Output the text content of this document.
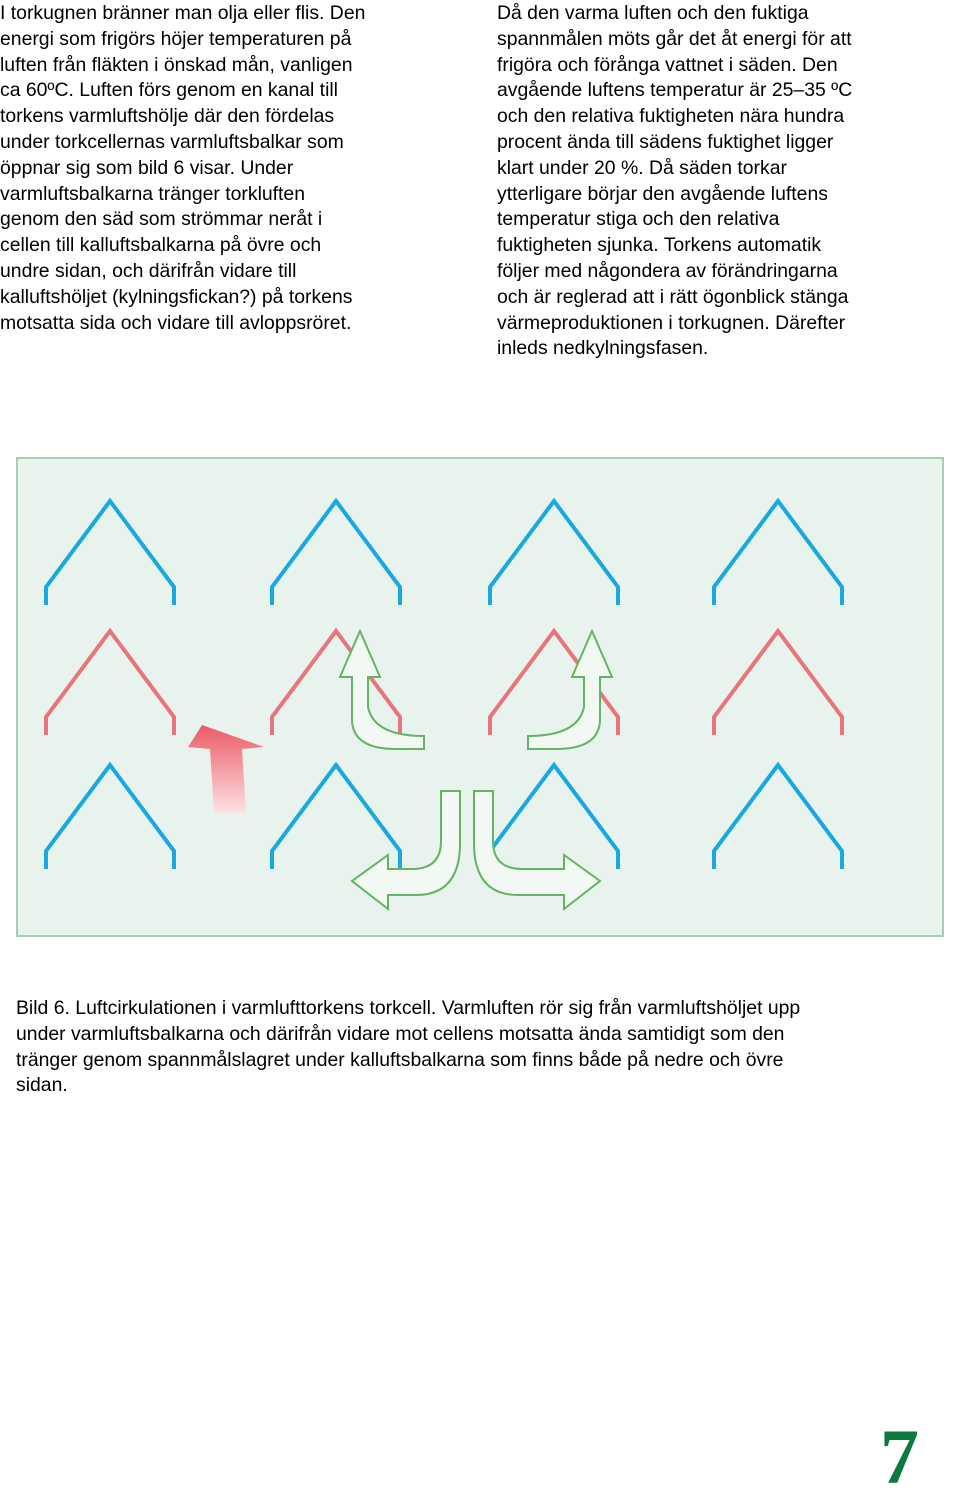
I torkugnen bränner man olja eller flis. Den
energi som frigörs höjer temperaturen på
luften från fläkten i önskad mån, vanligen
ca 60ºC. Luften förs genom en kanal till
torkens varmluftshölje där den fördelas
under torkcellernas varmluftsbalkar som
öppnar sig som bild 6 visar. Under
varmluftsbalkarna tränger torkluften
genom den säd som strömmar neråt i
cellen till kalluftsbalkarna på övre och
undre sidan, och därifrån vidare till
kalluftshöljet (kylningsfickan?) på torkens
motsatta sida och vidare till avloppsröret.
Då den varma luften och den fuktiga
spannmålen möts går det åt energi för att
frigöra och förånga vattnet i säden. Den
avgående luftens temperatur är 25–35 ºC
och den relativa fuktigheten nära hundra
procent ända till sädens fuktighet ligger
klart under 20 %. Då säden torkar
ytterligare börjar den avgående luftens
temperatur stiga och den relativa
fuktigheten sjunka. Torkens automatik
följer med någondera av förändringarna
och är reglerad att i rätt ögonblick stänga
värmeproduktionen i torkugnen. Därefter
inleds nedkylningsfasen.
Bild 6. Luftcirkulationen i varmlufttorkens torkcell. Varmluften rör sig från varmluftshöljet upp
under varmluftsbalkarna och därifrån vidare mot cellens motsatta ända samtidigt som den
tränger genom spannmålslagret under kalluftsbalkarna som finns både på nedre och övre
sidan.
7
